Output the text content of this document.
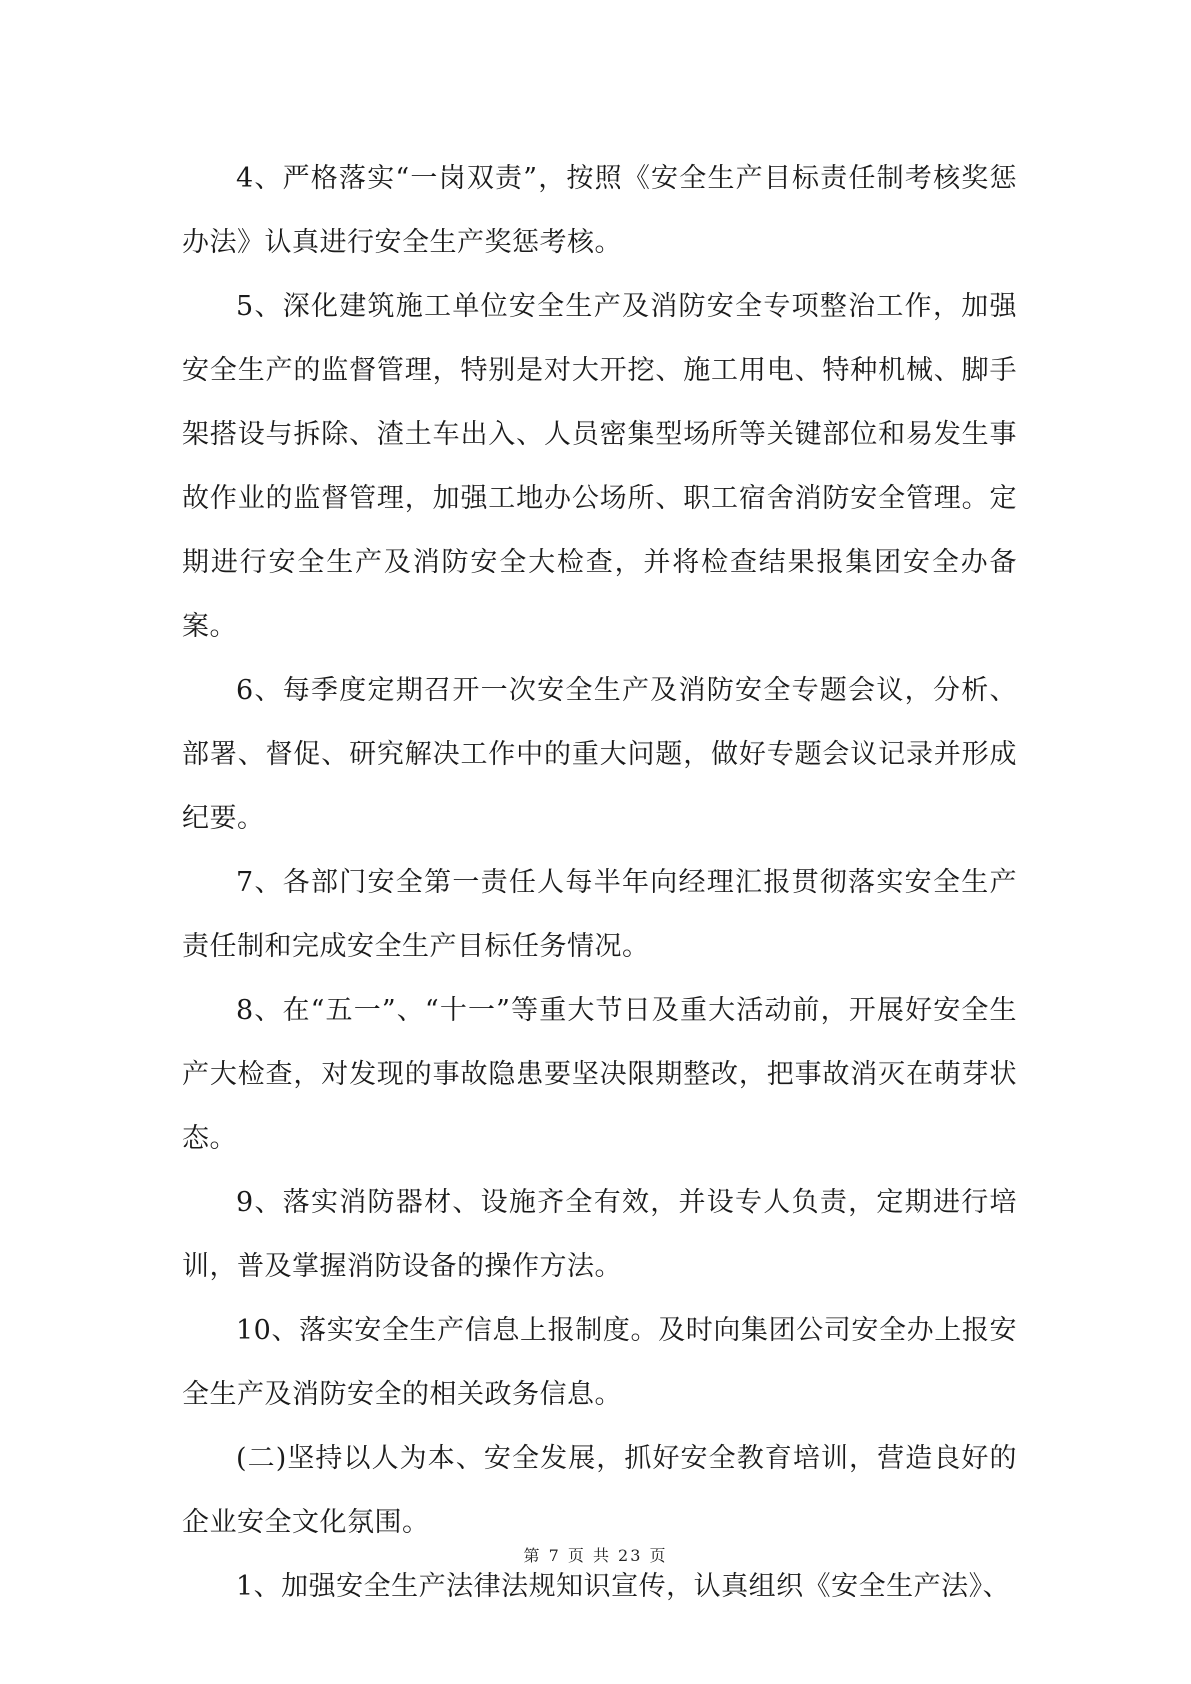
4、严格落实“一岗双责”，按照《安全生产目标责任制考核奖惩办法》认真进行安全生产奖惩考核。

5、深化建筑施工单位安全生产及消防安全专项整治工作，加强安全生产的监督管理，特别是对大开挖、施工用电、特种机械、脚手架搭设与拆除、渣土车出入、人员密集型场所等关键部位和易发生事故作业的监督管理，加强工地办公场所、职工宿舍消防安全管理。定期进行安全生产及消防安全大检查，并将检查结果报集团安全办备案。

6、每季度定期召开一次安全生产及消防安全专题会议，分析、部署、督促、研究解决工作中的重大问题，做好专题会议记录并形成纪要。

7、各部门安全第一责任人每半年向经理汇报贯彻落实安全生产责任制和完成安全生产目标任务情况。

8、在“五一”、“十一”等重大节日及重大活动前，开展好安全生产大检查，对发现的事故隐患要坚决限期整改，把事故消灭在萌芽状态。

9、落实消防器材、设施齐全有效，并设专人负责，定期进行培训，普及掌握消防设备的操作方法。

10、落实安全生产信息上报制度。及时向集团公司安全办上报安全生产及消防安全的相关政务信息。

(二)坚持以人为本、安全发展，抓好安全教育培训，营造良好的企业安全文化氛围。

1、加强安全生产法律法规知识宣传，认真组织《安全生产法》、

第 7 页 共 23 页
